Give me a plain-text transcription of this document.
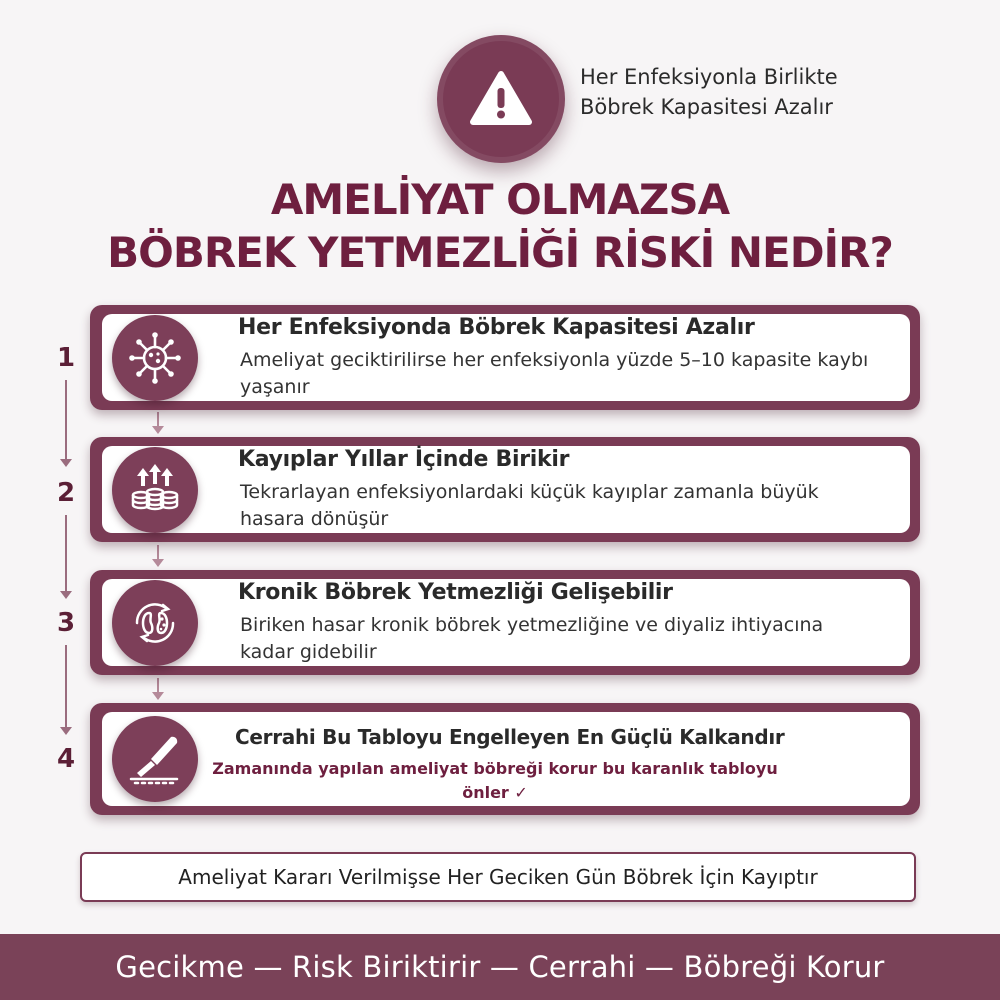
Her Enfeksiyonla Birlikte
Böbrek Kapasitesi Azalır
AMELİYAT OLMAZSA
BÖBREK YETMEZLİĞİ RİSKİ NEDİR?
1
2
3
4
Her Enfeksiyonda Böbrek Kapasitesi Azalır
Ameliyat geciktirilirse her enfeksiyonla yüzde 5–10 kapasite kaybı yaşanır
Kayıplar Yıllar İçinde Birikir
Tekrarlayan enfeksiyonlardaki küçük kayıplar zamanla büyük hasara dönüşür
Kronik Böbrek Yetmezliği Gelişebilir
Biriken hasar kronik böbrek yetmezliğine ve diyaliz ihtiyacına kadar gidebilir
Cerrahi Bu Tabloyu Engelleyen En Güçlü Kalkandır
Zamanında yapılan ameliyat böbreği korur bu karanlık tabloyu önler ✓
Ameliyat Kararı Verilmişse Her Geciken Gün Böbrek İçin Kayıptır
Gecikme — Risk Biriktirir — Cerrahi — Böbreği Korur
